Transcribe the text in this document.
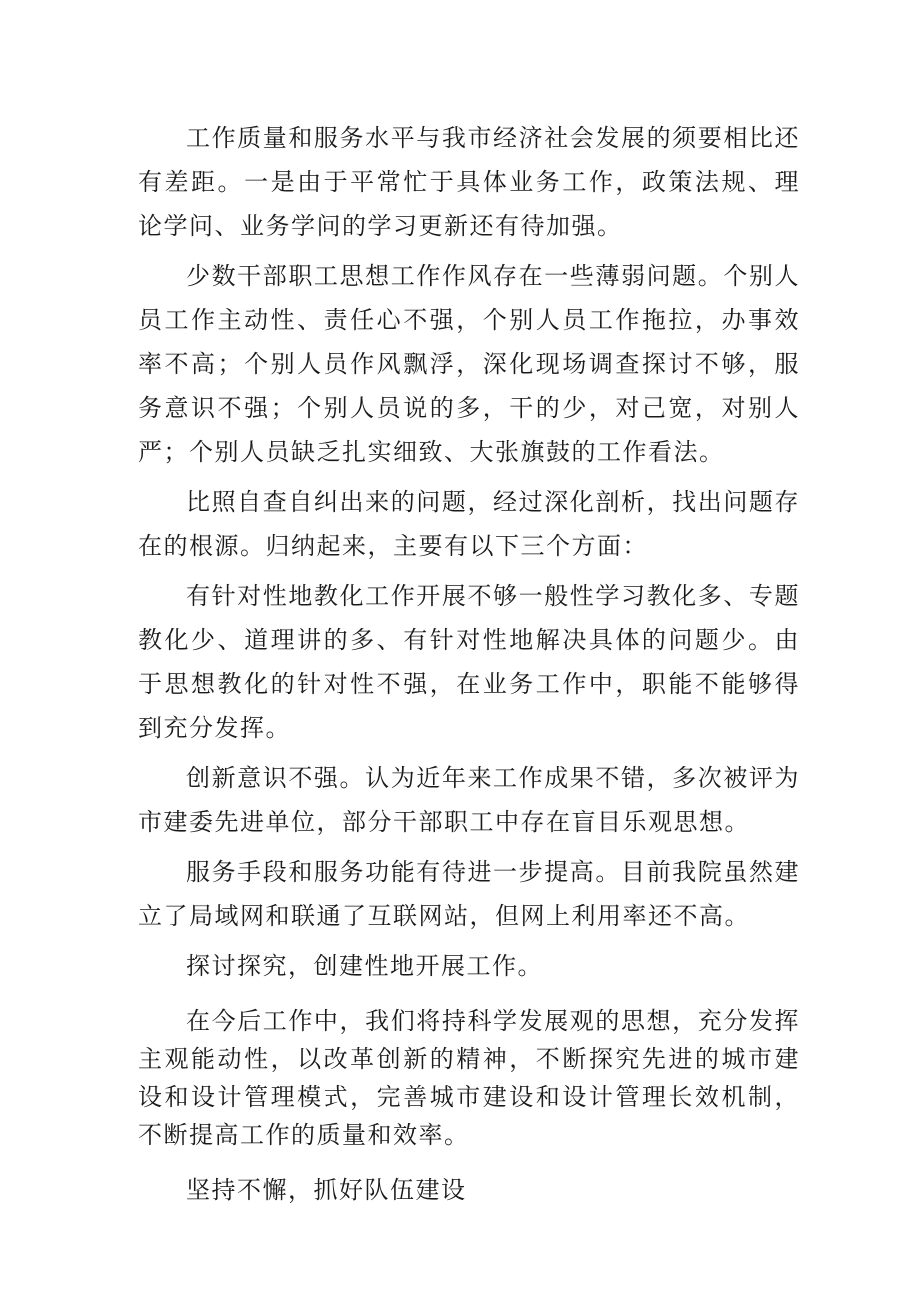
工作质量和服务水平与我市经济社会发展的须要相比还有差距。一是由于平常忙于具体业务工作，政策法规、理论学问、业务学问的学习更新还有待加强。

少数干部职工思想工作作风存在一些薄弱问题。个别人员工作主动性、责任心不强，个别人员工作拖拉，办事效率不高；个别人员作风飘浮，深化现场调查探讨不够，服务意识不强；个别人员说的多，干的少，对己宽，对别人严；个别人员缺乏扎实细致、大张旗鼓的工作看法。

比照自查自纠出来的问题，经过深化剖析，找出问题存在的根源。归纳起来，主要有以下三个方面：

有针对性地教化工作开展不够一般性学习教化多、专题教化少、道理讲的多、有针对性地解决具体的问题少。由于思想教化的针对性不强，在业务工作中，职能不能够得到充分发挥。

创新意识不强。认为近年来工作成果不错，多次被评为市建委先进单位，部分干部职工中存在盲目乐观思想。

服务手段和服务功能有待进一步提高。目前我院虽然建立了局域网和联通了互联网站，但网上利用率还不高。

探讨探究，创建性地开展工作。

在今后工作中，我们将持科学发展观的思想，充分发挥主观能动性，以改革创新的精神，不断探究先进的城市建设和设计管理模式，完善城市建设和设计管理长效机制，不断提高工作的质量和效率。

坚持不懈，抓好队伍建设
